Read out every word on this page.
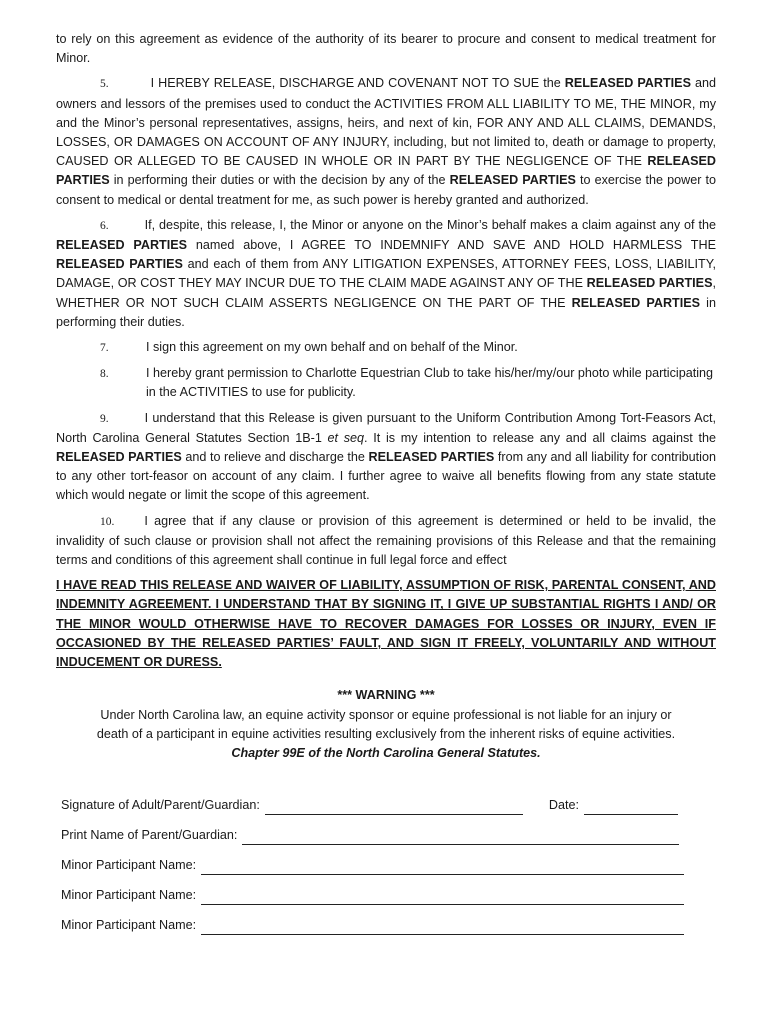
to rely on this agreement as evidence of the authority of its bearer to procure and consent to medical treatment for Minor.

5.	I HEREBY RELEASE, DISCHARGE AND COVENANT NOT TO SUE the RELEASED PARTIES and owners and lessors of the premises used to conduct the ACTIVITIES FROM ALL LIABILITY TO ME, THE MINOR, my and the Minor’s personal representatives, assigns, heirs, and next of kin, FOR ANY AND ALL CLAIMS, DEMANDS, LOSSES, OR DAMAGES ON ACCOUNT OF ANY INJURY, including, but not limited to, death or damage to property, CAUSED OR ALLEGED TO BE CAUSED IN WHOLE OR IN PART BY THE NEGLIGENCE OF THE RELEASED PARTIES in performing their duties or with the decision by any of the RELEASED PARTIES to exercise the power to consent to medical or dental treatment for me, as such power is hereby granted and authorized.

6.	If, despite, this release, I, the Minor or anyone on the Minor’s behalf makes a claim against any of the RELEASED PARTIES named above, I AGREE TO INDEMNIFY AND SAVE AND HOLD HARMLESS THE RELEASED PARTIES and each of them from ANY LITIGATION EXPENSES, ATTORNEY FEES, LOSS, LIABILITY, DAMAGE, OR COST THEY MAY INCUR DUE TO THE CLAIM MADE AGAINST ANY OF THE RELEASED PARTIES, WHETHER OR NOT SUCH CLAIM ASSERTS NEGLIGENCE ON THE PART OF THE RELEASED PARTIES in performing their duties.

7.	I sign this agreement on my own behalf and on behalf of the Minor.
8.	I hereby grant permission to Charlotte Equestrian Club to take his/her/my/our photo while participating in the ACTIVITIES to use for publicity.

9.	I understand that this Release is given pursuant to the Uniform Contribution Among Tort-Feasors Act, North Carolina General Statutes Section 1B-1 et seq. It is my intention to release any and all claims against the RELEASED PARTIES and to relieve and discharge the RELEASED PARTIES from any and all liability for contribution to any other tort-feasor on account of any claim. I further agree to waive all benefits flowing from any state statute which would negate or limit the scope of this agreement.

10. I agree that if any clause or provision of this agreement is determined or held to be invalid, the invalidity of such clause or provision shall not affect the remaining provisions of this Release and that the remaining terms and conditions of this agreement shall continue in full legal force and effect

I HAVE READ THIS RELEASE AND WAIVER OF LIABILITY, ASSUMPTION OF RISK, PARENTAL CONSENT, AND INDEMNITY AGREEMENT. I UNDERSTAND THAT BY SIGNING IT, I GIVE UP SUBSTANTIAL RIGHTS I AND/ OR THE MINOR WOULD OTHERWISE HAVE TO RECOVER DAMAGES FOR LOSSES OR INJURY, EVEN IF OCCASIONED BY THE RELEASED PARTIES’ FAULT, AND SIGN IT FREELY, VOLUNTARILY AND WITHOUT INDUCEMENT OR DURESS.

*** WARNING ***
Under North Carolina law, an equine activity sponsor or equine professional is not liable for an injury or
death of a participant in equine activities resulting exclusively from the inherent risks of equine activities.
Chapter 99E of the North Carolina General Statutes.
Signature of Adult/Parent/Guardian:	Date:
Print Name of Parent/Guardian:
Minor Participant Name:
Minor Participant Name:
Minor Participant Name:
